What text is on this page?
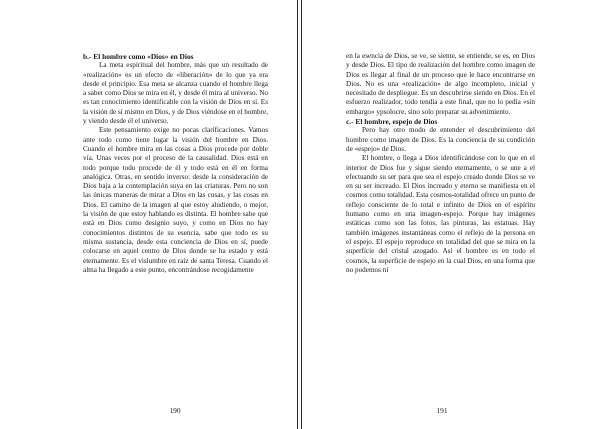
b.- El hombre como «Dios» en Dios

La meta espiritual del hombre, más que un resultado de «realización» es un efecto de «liberación» de lo que ya era desde el principio. Esa meta se alcanza cuando el hombre llega a saber como Dios se mira en él, y desde él mira al universo. No es tan conocimiento identificable con la visión de Dios en sí. Es la visión de sí mismo en Dios, y de Dios viéndose en el hombre, y viendo desde él el universo.

Este pensamiento exige no pocas clarificaciones. Vamos ante todo como tiene lugar la visión del hombre en Dios. Cuando el hombre mira en las cosas a Dios procede por doble vía. Unas veces por el proceso de la causalidad. Dios está en todo porque todo procede de él y todo está en él en forma analógica. Otras, en sentido inverso: desde la consideración de Dios baja a la contemplación suya en las criaturas. Pero no son las únicas maneras de mirar a Dios en las cosas, y las cosas en Dios. El camino de la imagen al que estoy aludiendo, o mejor, la visión de que estoy hablando es distinta. El hombre sabe que está en Dios como designio suyo, y como en Dios no hay conocimientos distintos de su esencia, sabe que todo es su misma sustancia, desde esta conciencia de Dios en sí, puede colocarse en aquel centro de Dios donde se ha estado y está eternamente. Es el vislumbre en raíz de santa Teresa. Cuando el alma ha llegado a este punto, encontrándose recogidamente

190

en la esencia de Dios, se ve, se siente, se entiende, se es, en Dios y desde Dios. El tipo de realización del hombre como imagen de Dios es llegar al final de un proceso que le hace encontrarse en Dios. No es una «realización» de algo incompleto, inicial y necesitado de despliegue. Es un descubrirse siendo en Dios. En el esfuerzo realizador, todo tendía a este final, que no lo pedía «sin embargo» ypsolocre, sino solo preparar su advenimiento.

c.- El hombre, espejo de Dios

Pero hay otro modo de entender el descubrimiento del hombre como imagen de Dios. Es la conciencia de su condición de «espejo» de Dios.

El hombre, o llega a Dios identificándose con lo que en el interior de Dios fue y sigue siendo eternamente, o se une a el efectuando su ser para que sea el espejo creado donde Dios se ve en su ser increado. El Dios increado y eterno se manifiesta en el cosmos como totalidad. Esta cosmos-totalidad ofrece un punto de reflejo consciente de lo total e infinito de Dios en el espíritu humano como en una imagen-espejo. Porque hay imágenes estáticas como son las fotos, las pinturas, las estatuas. Hay también imágenes instantáneas como el reflejo de la persona en el espejo. El espejo reproduce en totalidad del que se mira en la superficie del cristal azogado. Así el hombre es en todo el cosmos, la superficie de espejo en la cual Dios, en una forma que no podemos ni

191
